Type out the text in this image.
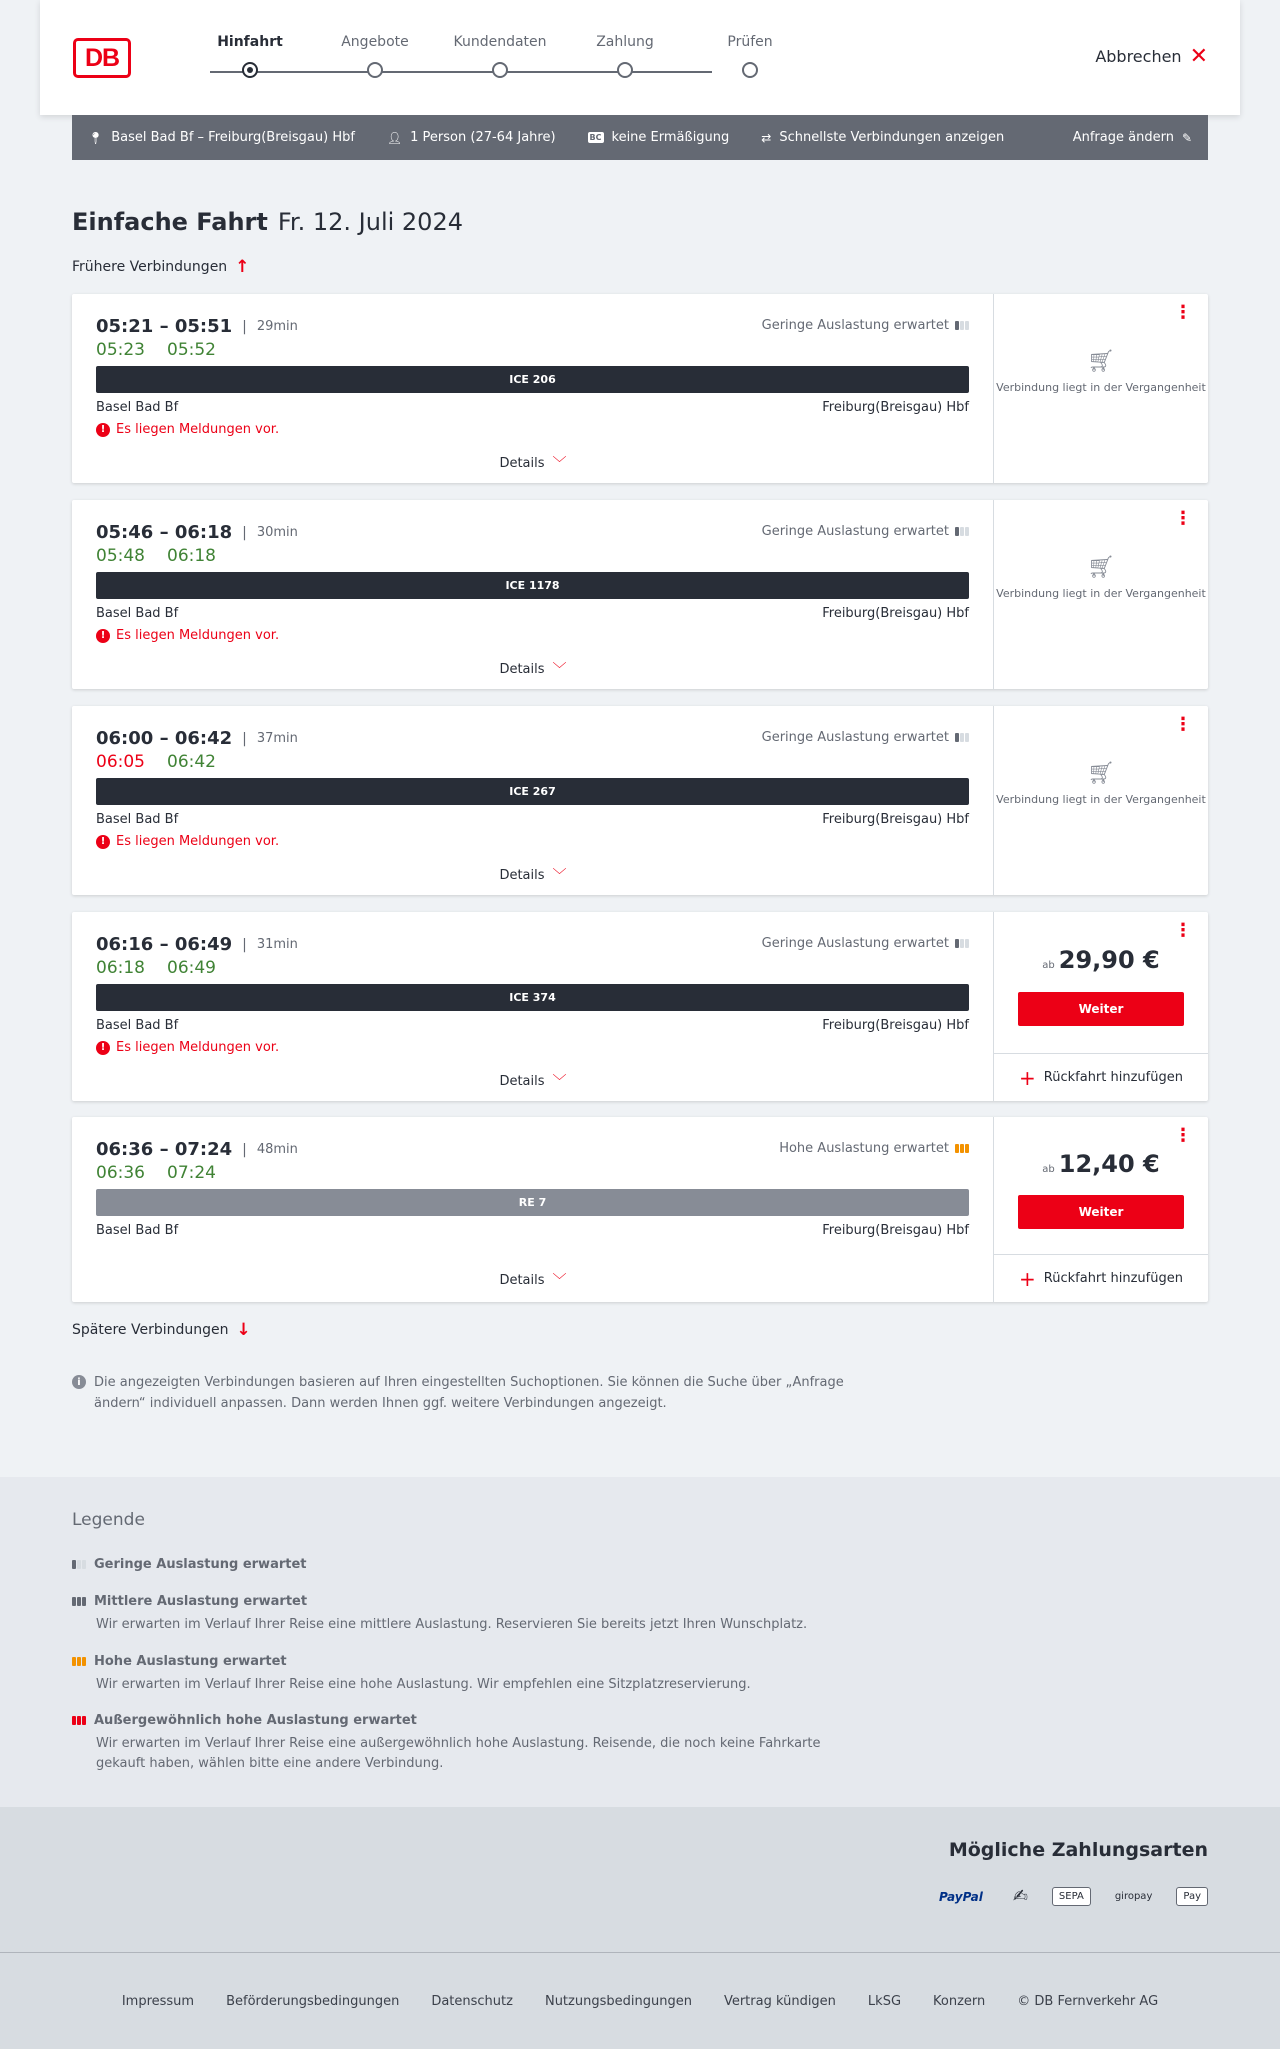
DB
Hinfahrt	Angebote	Kundendaten	Zahlung	Prüfen
Abbrechen ✕
📍︎ Basel Bad Bf – Freiburg(Breisgau) Hbf	👤︎ 1 Person (27-64 Jahre)	BC keine Ermäßigung	⇄ Schnellste Verbindungen anzeigen	Anfrage ändern ✎
Einfache Fahrt Fr. 12. Juli 2024
Frühere Verbindungen ↑
05:21 – 05:51 | 29min
05:23 05:52
Geringe Auslastung erwartet
ICE 206
Basel Bad Bf	Freiburg(Breisgau) Hbf
! Es liegen Meldungen vor.
Details ﹀
⋮
🛒︎
Verbindung liegt in der Vergangenheit
05:46 – 06:18 | 30min
05:48 06:18
Geringe Auslastung erwartet
ICE 1178
Basel Bad Bf	Freiburg(Breisgau) Hbf
! Es liegen Meldungen vor.
Details ﹀
⋮
🛒︎
Verbindung liegt in der Vergangenheit
06:00 – 06:42 | 37min
06:05 06:42
Geringe Auslastung erwartet
ICE 267
Basel Bad Bf	Freiburg(Breisgau) Hbf
! Es liegen Meldungen vor.
Details ﹀
⋮
🛒︎
Verbindung liegt in der Vergangenheit
06:16 – 06:49 | 31min
06:18 06:49
Geringe Auslastung erwartet
ICE 374
Basel Bad Bf	Freiburg(Breisgau) Hbf
! Es liegen Meldungen vor.
Details ﹀
⋮
ab 29,90 €
Weiter
+ Rückfahrt hinzufügen
06:36 – 07:24 | 48min
06:36 07:24
Hohe Auslastung erwartet
RE 7
Basel Bad Bf	Freiburg(Breisgau) Hbf
Details ﹀
⋮
ab 12,40 €
Weiter
+ Rückfahrt hinzufügen
Spätere Verbindungen ↓
i	Die angezeigten Verbindungen basieren auf Ihren eingestellten Suchoptionen. Sie können die Suche über „Anfrage ändern“ individuell anpassen. Dann werden Ihnen ggf. weitere Verbindungen angezeigt.
Legende
Geringe Auslastung erwartet
Mittlere Auslastung erwartet
Wir erwarten im Verlauf Ihrer Reise eine mittlere Auslastung. Reservieren Sie bereits jetzt Ihren Wunschplatz.
Hohe Auslastung erwartet
Wir erwarten im Verlauf Ihrer Reise eine hohe Auslastung. Wir empfehlen eine Sitzplatzreservierung.
Außergewöhnlich hohe Auslastung erwartet
Wir erwarten im Verlauf Ihrer Reise eine außergewöhnlich hohe Auslastung. Reisende, die noch keine Fahrkarte gekauft haben, wählen bitte eine andere Verbindung.
Mögliche Zahlungsarten
PayPal	✍	SEPA	giropay	Pay
Impressum Beförderungsbedingungen Datenschutz Nutzungsbedingungen Vertrag kündigen LkSG Konzern © DB Fernverkehr AG
